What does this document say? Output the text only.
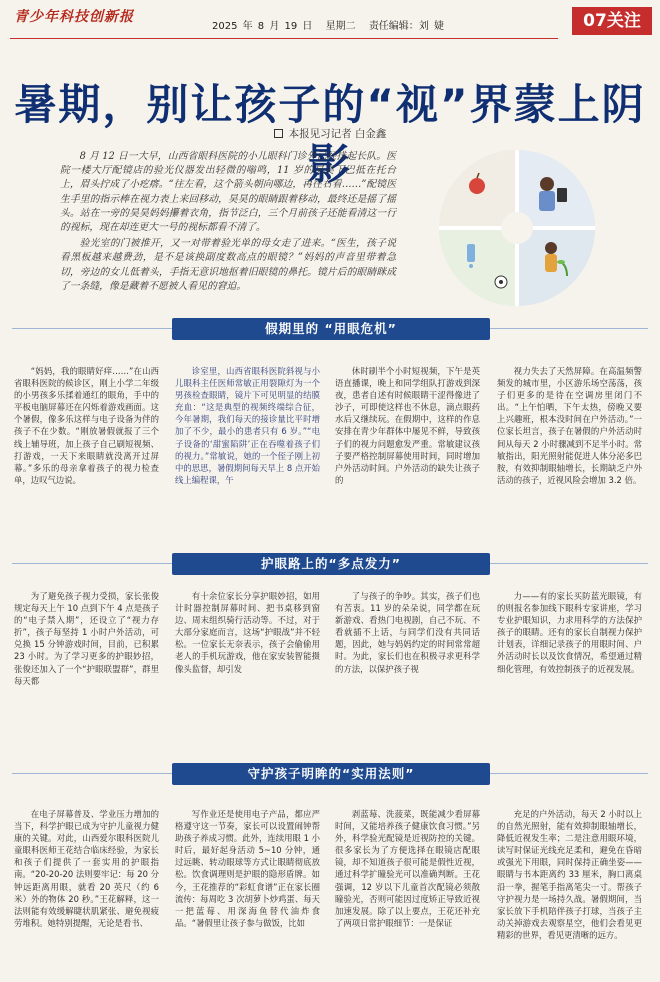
青少年科技创新报
2025 年 8 月 19 日 星期二 责任编辑：刘 婕	07关注
暑期，别让孩子的“视”界蒙上阴影
本报见习记者 白金鑫

8 月 12 日一大早，山西省眼科医院的小儿眼科门诊外已经排起长队。医院一楼大厅配镜店的验光仪器发出轻微的嗡鸣，11 岁的昊昊下巴抵在托台上，眉头拧成了小疙瘩。“往左看，这个箭头朝向哪边，再往右看……”配镜医生手里的指示棒在视力表上来回移动，昊昊的眼睛跟着移动，最终还是摇了摇头。站在一旁的昊昊妈妈攥着衣角，指节泛白，三个月前孩子还能看清这一行的视标，现在却连更大一号的视标都看不清了。

验光室的门被推开，又一对带着验光单的母女走了进来。“医生，孩子说看黑板越来越费劲，是不是该换副度数高点的眼镜？”妈妈的声音里带着急切，旁边的女儿低着头，手指无意识地抠着旧眼镜的鼻托。镜片后的眼睛眯成了一条缝，像是藏着不愿被人看见的窘迫。

假期里的 “用眼危机”

“妈妈，我的眼睛好痒……”在山西省眼科医院的候诊区，刚上小学二年级的小男孩多乐揉着通红的眼角，手中的平板电脑屏幕还在闪烁着游戏画面。这个暑假，像多乐这样与电子设备为伴的孩子不在少数。“刚放暑假就报了三个线上辅导班，加上孩子自己刷短视频、打游戏，一天下来眼睛就没离开过屏幕。”多乐的母亲拿着孩子的视力检查单，边叹气边说。

诊室里，山西省眼科医院斜视与小儿眼科主任医师常敏正用裂隙灯为一个男孩检查眼睛，镜片下可见明显的结膜充血：“这是典型的视频终端综合征，今年暑期，我们每天的接诊量比平时增加了不少，最小的患者只有 6 岁。”“电子设备的‘甜蜜陷阱’正在吞噬着孩子们的视力。”常敏说，她的一个侄子刚上初中的思思，暑假期间每天早上 8 点开始线上编程课，午

休时刷半个小时短视频，下午是英语直播课，晚上和同学组队打游戏到深夜，患者自述有时候眼睛干涩得像进了沙子，可即使这样也不休息，滴点眼药水后又继续玩。在假期中，这样的作息安排在青少年群体中屡见不鲜，导致孩子们的视力问题愈发严重。常敏建议孩子要严格控制屏幕使用时间，同时增加户外活动时间。户外活动的缺失让孩子的

视力失去了天然屏障。在高温频警频发的城市里，小区游乐场空荡荡，孩子们更多的是待在空调房里闭门不出。“上午怕晒，下午太热，傍晚又要上兴趣班，根本没时间在户外活动。”一位家长坦言，孩子在暑假的户外活动时间从每天 2 小时骤减到不足半小时。常敏指出，阳光照射能促进人体分泌多巴胺，有效抑制眼轴增长，长期缺乏户外活动的孩子，近视风险会增加 3.2 倍。

护眼路上的“多点发力”

为了避免孩子视力受损，家长张俊规定每天上午 10 点到下午 4 点是孩子的“电子禁入期”，还设立了“视力存折”，孩子每坚持 1 小时户外活动，可兑换 15 分钟游戏时间，目前，已积累 23 小时。为了学习更多的护眼妙招，张俊还加入了一个“护眼联盟群”，群里每天都

有十余位家长分享护眼妙招，如用计时器控制屏幕时间、把书桌移到窗边、周末组织骑行活动等。不过，对于大部分家庭而言，这场“护眼战”并不轻松。一位家长无奈表示，孩子会偷偷用老人的手机玩游戏，他在家安装智能摄像头监督，却引发

了与孩子的争吵。其实，孩子们也有苦衷。11 岁的朵朵说，同学都在玩新游戏、看热门电视剧，自己不玩、不看就插不上话，与同学们没有共同话题，因此，她与妈妈约定的时间常常超时。为此，家长们也在积极寻求更科学的方法，以保护孩子视

力——有的家长买防蓝光眼镜，有的则报名参加线下眼科专家讲座，学习专业护眼知识，力求用科学的方法保护孩子的眼睛。还有的家长自制视力保护计划表，详细记录孩子的用眼时间、户外活动时长以及饮食情况，希望通过精细化管理，有效控制孩子的近视发展。

守护孩子明眸的“实用法则”

在电子屏幕普及、学业压力增加的当下，科学护眼已成为守护儿童视力健康的关键。对此，山西爱尔眼科医院儿童眼科医师王花结合临床经验，为家长和孩子们提供了一套实用的护眼指南。“20-20-20 法则要牢记：每 20 分钟远距离用眼，就看 20 英尺（约 6 米）外的物体 20 秒。”王花解释，这一法则能有效缓解睫状肌紧张、避免视疲劳堆积。她特别提醒，无论是看书、

写作业还是使用电子产品，都应严格遵守这一节奏，家长可以设置闹钟帮助孩子养成习惯。此外，连续用眼 1 小时后，最好起身活动 5~10 分钟，通过远眺、转动眼球等方式让眼睛彻底放松。饮食调理则是护眼的隐形盾牌。如今，王花推荐的“彩虹食谱”正在家长圈流传：每周吃 3 次胡萝卜炒鸡蛋、每天一把蓝莓、用深海鱼替代油炸食品。“暑假里让孩子参与做饭，比如

剥蓝莓、洗菠菜，既能减少看屏幕时间，又能培养孩子健康饮食习惯。”另外，科学验光配镜是近视防控的关键。很多家长为了方便选择在眼镜店配眼镜，却不知道孩子很可能是假性近视，通过科学扩瞳验光可以准确判断。王花强调，12 岁以下儿童首次配镜必须散瞳验光，否则可能因过度矫正导致近视加速发展。除了以上要点，王花还补充了两项日常护眼细节：一是保证

充足的户外活动，每天 2 小时以上的自然光照射，能有效抑制眼轴增长，降低近视发生率；二是注意用眼环境，读写时保证光线充足柔和，避免在昏暗或强光下用眼，同时保持正确坐姿——眼睛与书本距离约 33 厘米，胸口离桌沿一拳，握笔手指离笔尖一寸。帮孩子守护视力是一场持久战。暑假期间，当家长放下手机陪伴孩子打球，当孩子主动关掉游戏去观察星空，他们会看见更精彩的世界，看见更清晰的远方。
